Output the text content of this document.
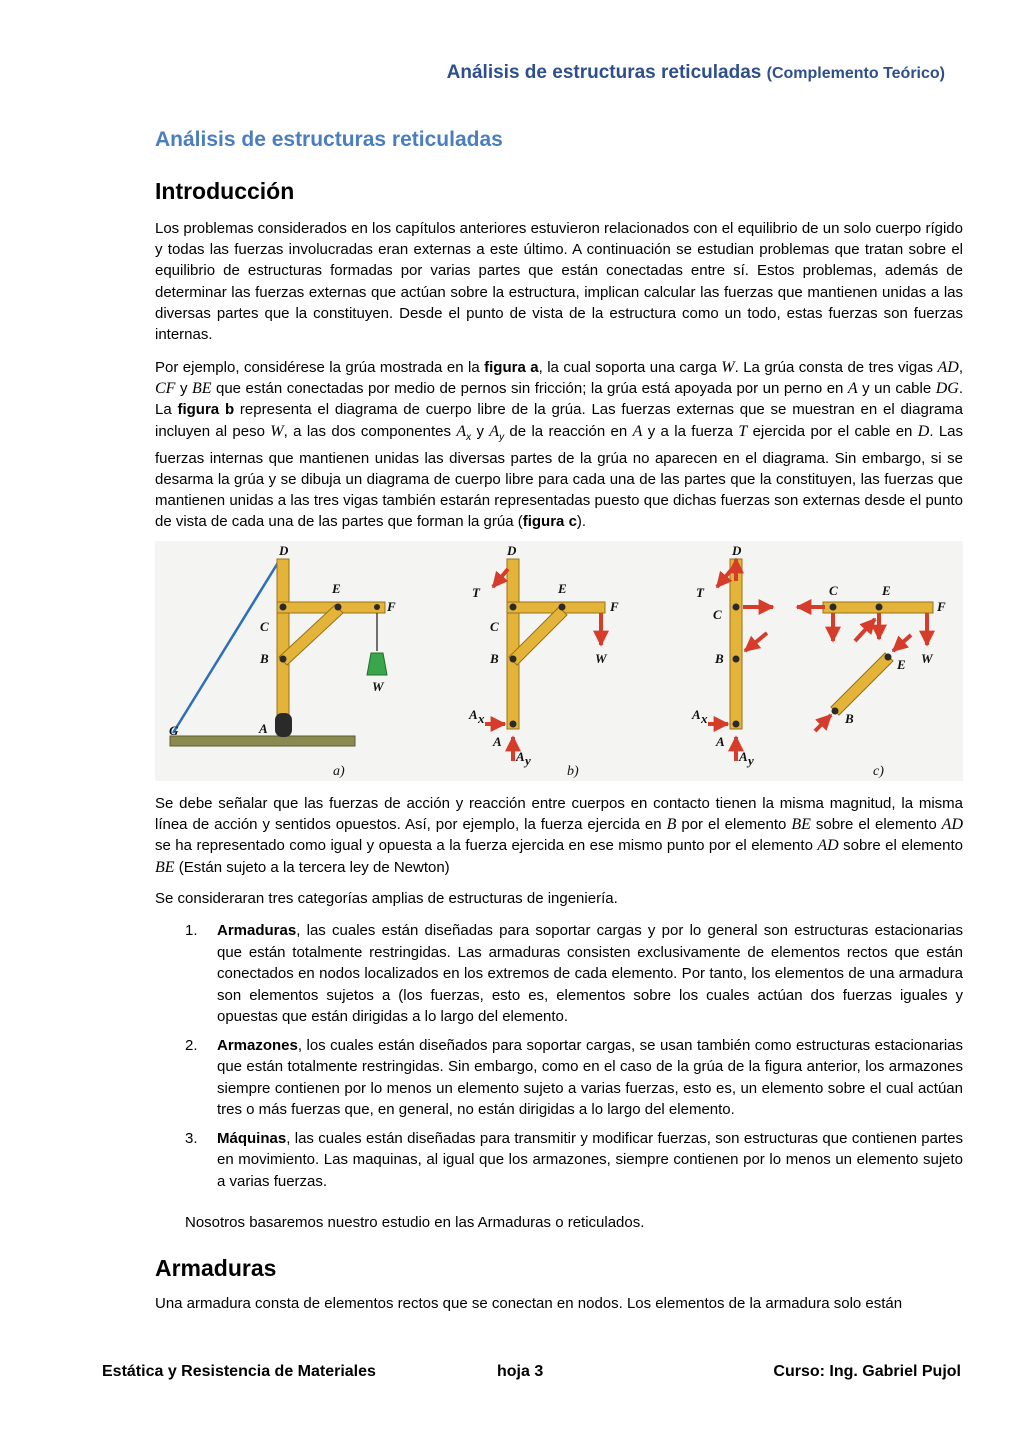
Análisis de estructuras reticuladas (Complemento Teórico)
Análisis de estructuras reticuladas
Introducción

Los problemas considerados en los capítulos anteriores estuvieron relacionados con el equilibrio de un solo cuerpo rígido y todas las fuerzas involucradas eran externas a este último. A continuación se estudian problemas que tratan sobre el equilibrio de estructuras formadas por varias partes que están conectadas entre sí. Estos problemas, además de determinar las fuerzas externas que actúan sobre la estructura, implican calcular las fuerzas que mantienen unidas a las diversas partes que la constituyen. Desde el punto de vista de la estructura como un todo, estas fuerzas son fuerzas internas.

Por ejemplo, considérese la grúa mostrada en la figura a, la cual soporta una carga W. La grúa consta de tres vigas AD, CF y BE que están conectadas por medio de pernos sin fricción; la grúa está apoyada por un perno en A y un cable DG. La figura b representa el diagrama de cuerpo libre de la grúa. Las fuerzas externas que se muestran en el diagrama incluyen al peso W, a las dos componentes $A_x$ y $A_y$ de la reacción en A y a la fuerza T ejercida por el cable en D. Las fuerzas internas que mantienen unidas las diversas partes de la grúa no aparecen en el diagrama. Sin embargo, si se desarma la grúa y se dibuja un diagrama de cuerpo libre para cada una de las partes que la constituyen, las fuerzas que mantienen unidas a las tres vigas también estarán representadas puesto que dichas fuerzas son externas desde el punto de vista de cada una de las partes que forman la grúa (figura c).

D
E
F
C
B
A
G
W
a)
D
E
F
C
B
A
T
W
A x
A y
b)
D
C
B
A
T
A x
A y
C	E
F
W
E
B
c)

Se debe señalar que las fuerzas de acción y reacción entre cuerpos en contacto tienen la misma magnitud, la misma línea de acción y sentidos opuestos. Así, por ejemplo, la fuerza ejercida en B por el elemento BE sobre el elemento AD se ha representado como igual y opuesta a la fuerza ejercida en ese mismo punto por el elemento AD sobre el elemento BE (Están sujeto a la tercera ley de Newton)

Se consideraran tres categorías amplias de estructuras de ingeniería.

1. Armaduras, las cuales están diseñadas para soportar cargas y por lo general son estructuras estacionarias que están totalmente restringidas. Las armaduras consisten exclusivamente de elementos rectos que están conectados en nodos localizados en los extremos de cada elemento. Por tanto, los elementos de una armadura son elementos sujetos a (los fuerzas, esto es, elementos sobre los cuales actúan dos fuerzas iguales y opuestas que están dirigidas a lo largo del elemento.
2. Armazones, los cuales están diseñados para soportar cargas, se usan también como estructuras estacionarias que están totalmente restringidas. Sin embargo, como en el caso de la grúa de la figura anterior, los armazones siempre contienen por lo menos un elemento sujeto a varias fuerzas, esto es, un elemento sobre el cual actúan tres o más fuerzas que, en general, no están dirigidas a lo largo del elemento.
3. Máquinas, las cuales están diseñadas para transmitir y modificar fuerzas, son estructuras que contienen partes en movimiento. Las maquinas, al igual que los armazones, siempre contienen por lo menos un elemento sujeto a varias fuerzas.

Nosotros basaremos nuestro estudio en las Armaduras o reticulados.

Armaduras

Una armadura consta de elementos rectos que se conectan en nodos. Los elementos de la armadura solo están

Estática y Resistencia de Materiales	hoja 3	Curso: Ing. Gabriel Pujol
